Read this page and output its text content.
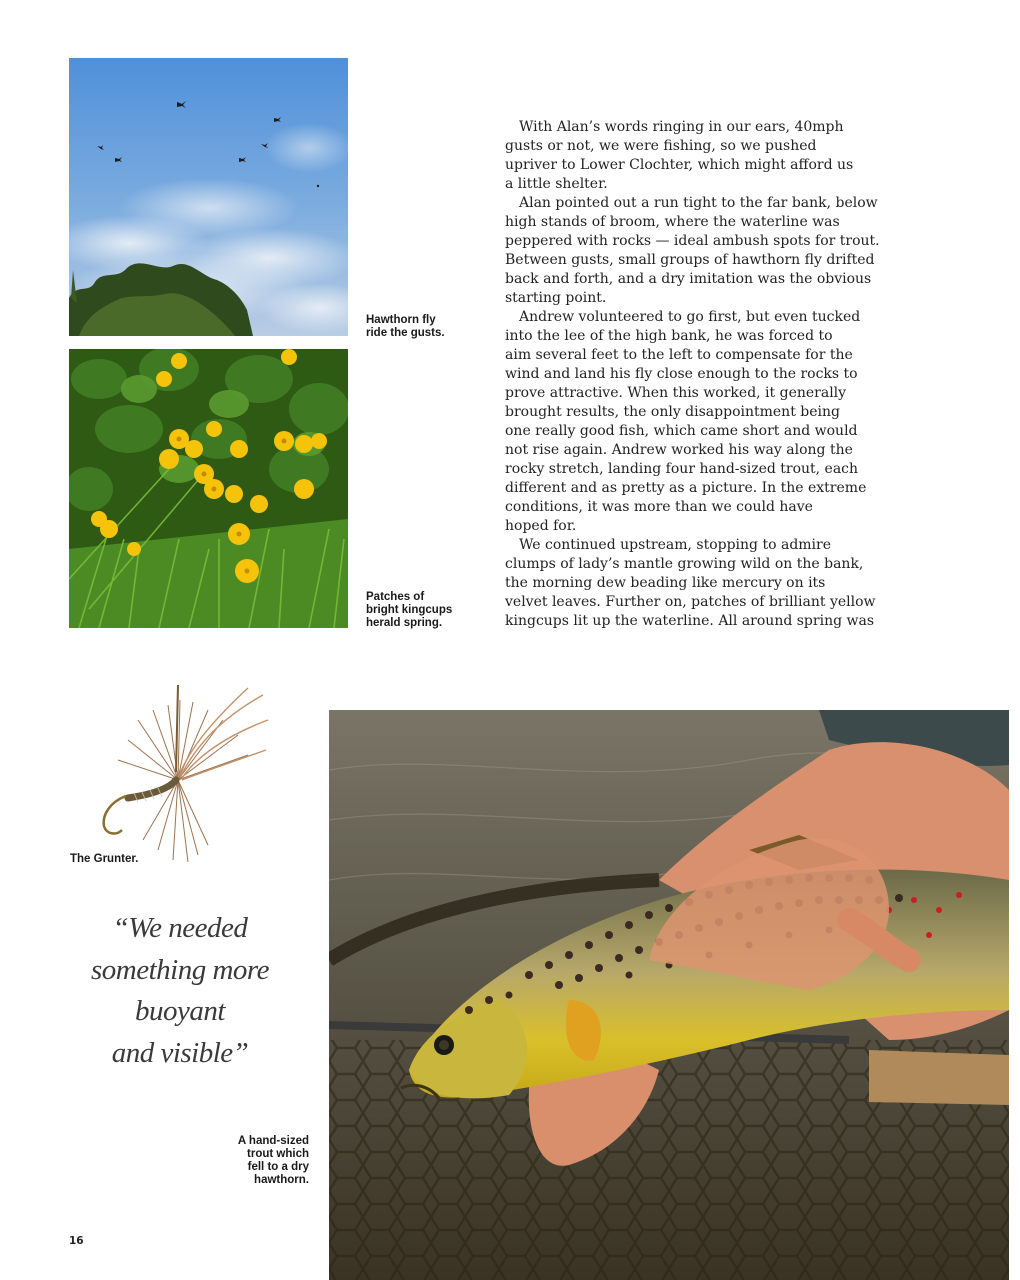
Hawthorn fly
ride the gusts.
Patches of
bright kingcups
herald spring.
With Alan’s words ringing in our ears, 40mph
gusts or not, we were fishing, so we pushed
upriver to Lower Clochter, which might afford us
a little shelter.
Alan pointed out a run tight to the far bank, below
high stands of broom, where the waterline was
peppered with rocks — ideal ambush spots for trout.
Between gusts, small groups of hawthorn fly drifted
back and forth, and a dry imitation was the obvious
starting point.
Andrew volunteered to go first, but even tucked
into the lee of the high bank, he was forced to
aim several feet to the left to compensate for the
wind and land his fly close enough to the rocks to
prove attractive. When this worked, it generally
brought results, the only disappointment being
one really good fish, which came short and would
not rise again. Andrew worked his way along the
rocky stretch, landing four hand-sized trout, each
different and as pretty as a picture. In the extreme
conditions, it was more than we could have
hoped for.
We continued upstream, stopping to admire
clumps of lady’s mantle growing wild on the bank,
the morning dew beading like mercury on its
velvet leaves. Further on, patches of brilliant yellow
kingcups lit up the waterline. All around spring was
The Grunter.
“We needed
something more
buoyant
and visible”
A hand-sized
trout which
fell to a dry
hawthorn.
16
